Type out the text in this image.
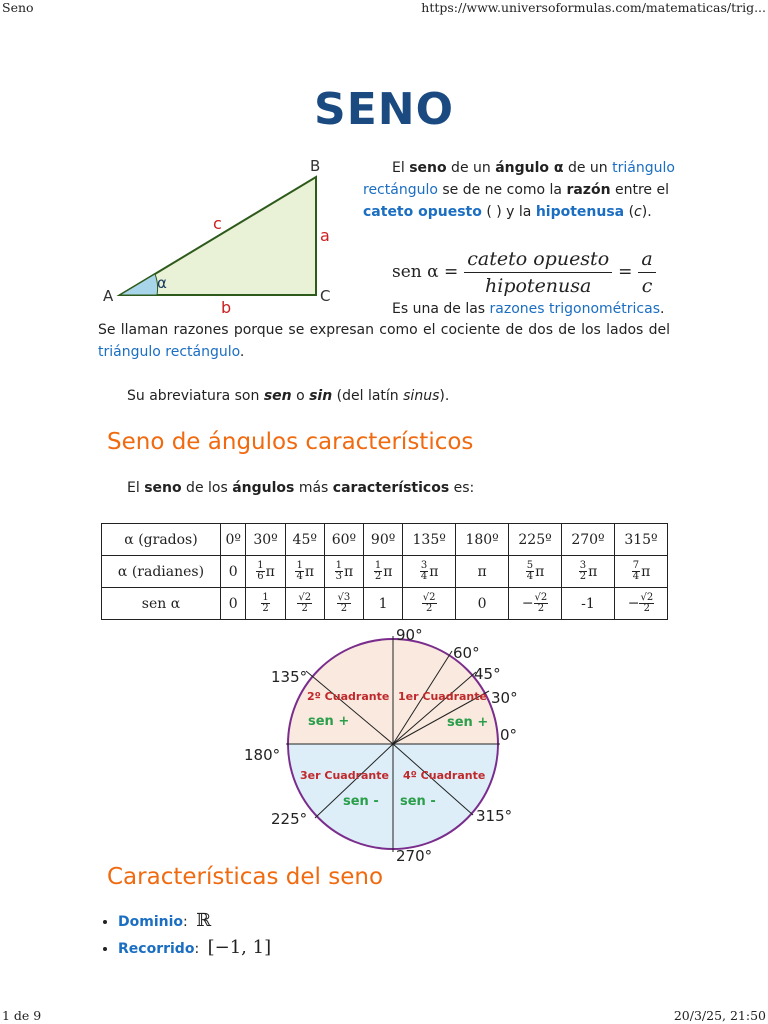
Seno	https://www.universoformulas.com/matematicas/trig...
1 de 9	20/3/25, 21:50
SENO
A
B
C
a
b
c
α
El seno de un ángulo α de un triángulo
rectángulo se de ne como la razón entre el
cateto opuesto ( ) y la hipotenusa (c).
sen α =
cateto opuesto
hipotenusa
= $\frac{a}{c}$
Es una de las razones trigonométricas.
Se llaman razones porque se expresan como el cociente de dos de los lados del
triángulo rectángulo.
Su abreviatura son sen o sin (del latín sinus).
Seno de ángulos característicos
El seno de los ángulos más característicos es:
α (grados)	0º	30º	45º	60º	90º	135º	180º	225º	270º	315º
α (radianes)	0	$\frac{1}{6}$ π	$\frac{1}{4}$ π	$\frac{1}{3}$ π	$\frac{1}{2}$ π	$\frac{3}{4}$ π	π	$\frac{5}{4}$ π	$\frac{3}{2}$ π	$\frac{7}{4}$ π
sen α	0	$\frac{1}{2}$	$\frac{√2}{2}$	$\frac{√3}{2}$	1	$\frac{√2}{2}$	0	− $\frac{√2}{2}$	-1	− $\frac{√2}{2}$
90°
60°
45°
30°
0°
135°
180°
225°
270°
315°
2º Cuadrante 1er Cuadrante
3er Cuadrante 4º Cuadrante
sen +	sen +
sen - sen -
Características del seno
• Dominio: ℝ
• Recorrido: [−1, 1]
